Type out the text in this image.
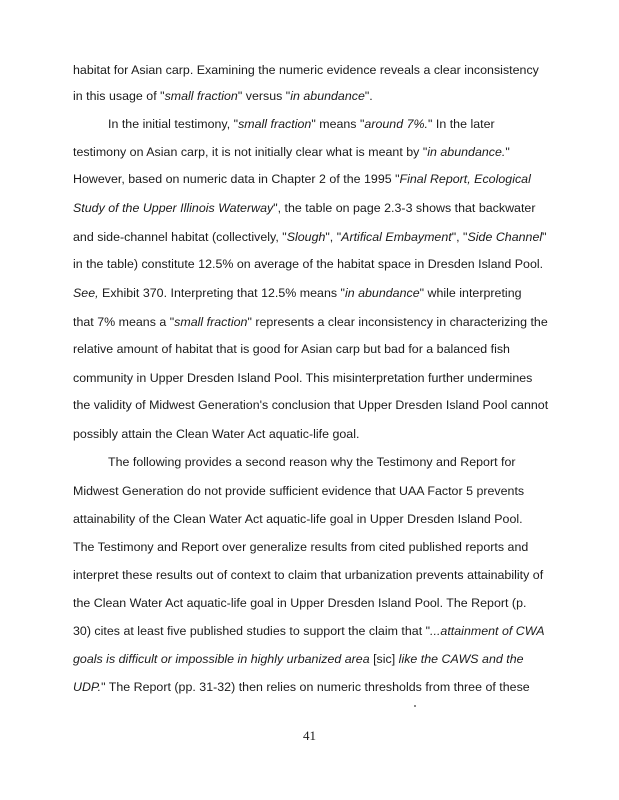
habitat for Asian carp. Examining the numeric evidence reveals a clear inconsistency
in this usage of "small fraction" versus "in abundance".
In the initial testimony, "small fraction" means "around 7%." In the later
testimony on Asian carp, it is not initially clear what is meant by "in abundance."
However, based on numeric data in Chapter 2 of the 1995 "Final Report, Ecological
Study of the Upper Illinois Waterway", the table on page 2.3-3 shows that backwater
and side-channel habitat (collectively, "Slough", "Artifical Embayment", "Side Channel"
in the table) constitute 12.5% on average of the habitat space in Dresden Island Pool.
See, Exhibit 370. Interpreting that 12.5% means "in abundance" while interpreting
that 7% means a "small fraction" represents a clear inconsistency in characterizing the
relative amount of habitat that is good for Asian carp but bad for a balanced fish
community in Upper Dresden Island Pool. This misinterpretation further undermines
the validity of Midwest Generation's conclusion that Upper Dresden Island Pool cannot
possibly attain the Clean Water Act aquatic-life goal.
The following provides a second reason why the Testimony and Report for
Midwest Generation do not provide sufficient evidence that UAA Factor 5 prevents
attainability of the Clean Water Act aquatic-life goal in Upper Dresden Island Pool.
The Testimony and Report over generalize results from cited published reports and
interpret these results out of context to claim that urbanization prevents attainability of
the Clean Water Act aquatic-life goal in Upper Dresden Island Pool. The Report (p.
30) cites at least five published studies to support the claim that "...attainment of CWA
goals is difficult or impossible in highly urbanized area [sic] like the CAWS and the
UDP." The Report (pp. 31-32) then relies on numeric thresholds from three of these
41
